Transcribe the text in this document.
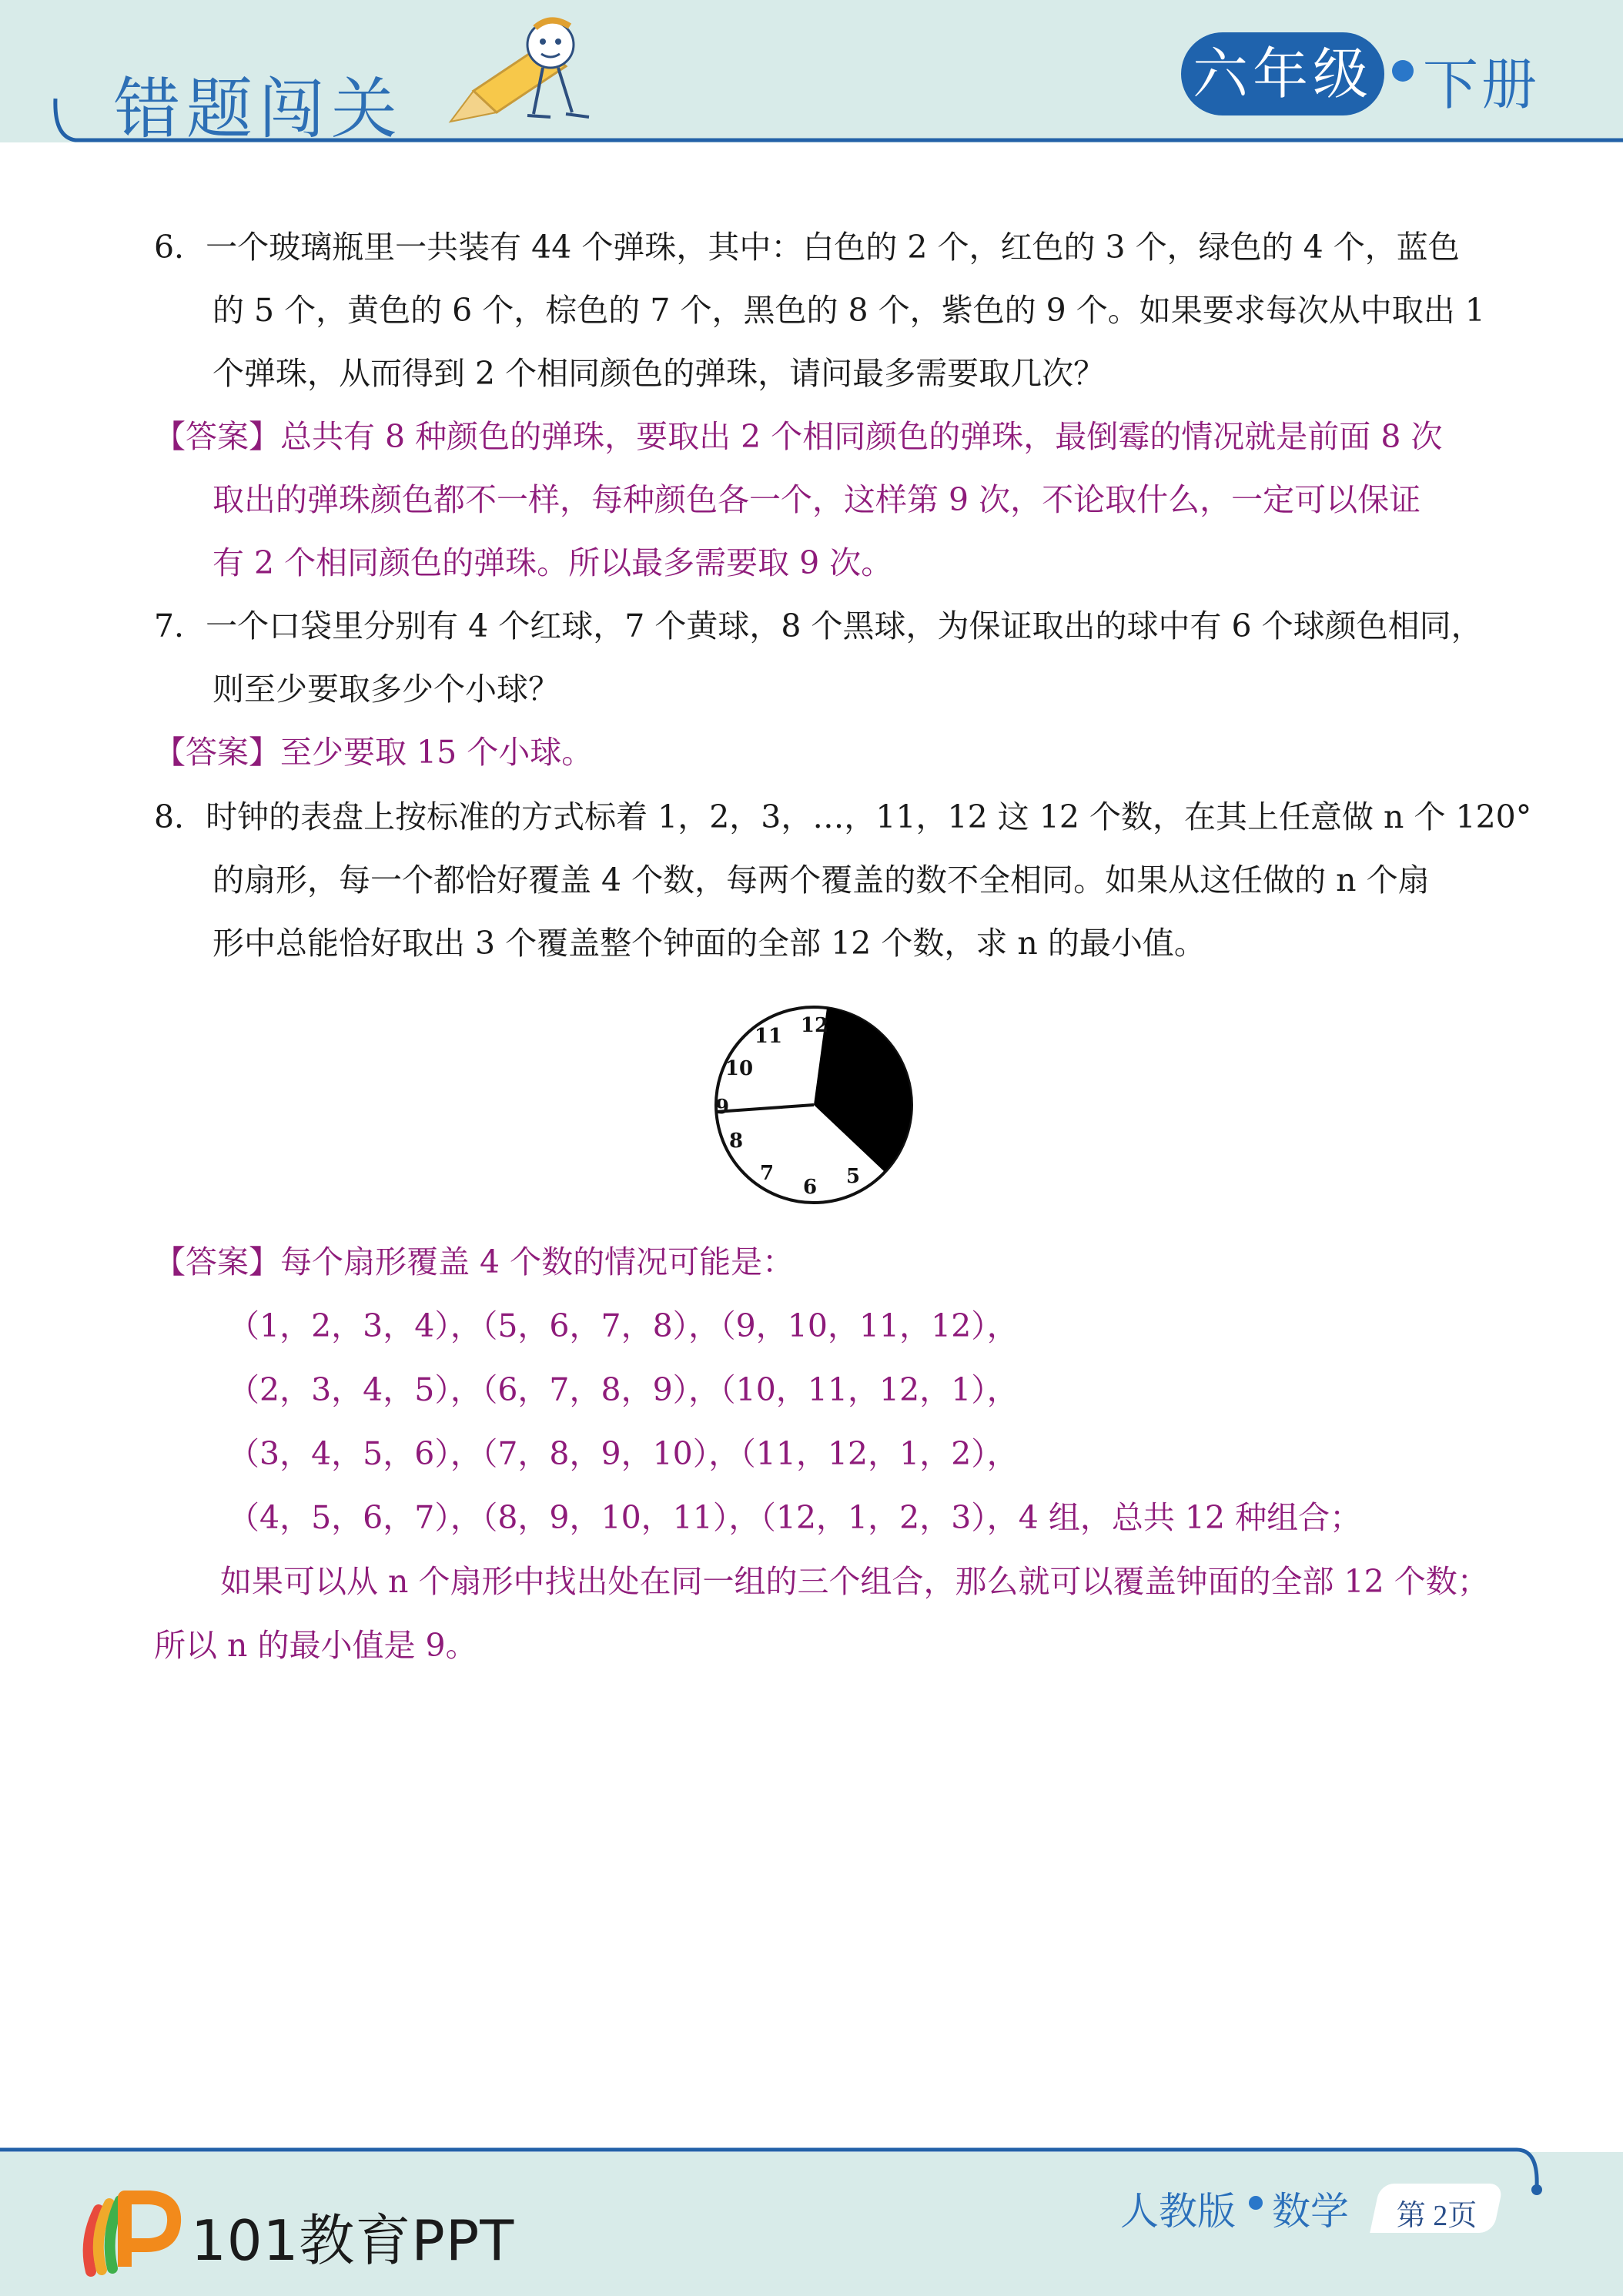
错题闯关	六年级 下册
6．一个玻璃瓶里一共装有 44 个弹珠，其中：白色的 2 个，红色的 3 个，绿色的 4 个，蓝色
的 5 个，黄色的 6 个，棕色的 7 个，黑色的 8 个，紫色的 9 个。如果要求每次从中取出 1
个弹珠，从而得到 2 个相同颜色的弹珠，请问最多需要取几次？
【答案】总共有 8 种颜色的弹珠，要取出 2 个相同颜色的弹珠，最倒霉的情况就是前面 8 次
取出的弹珠颜色都不一样，每种颜色各一个，这样第 9 次，不论取什么，一定可以保证
有 2 个相同颜色的弹珠。所以最多需要取 9 次。
7．一个口袋里分别有 4 个红球，7 个黄球，8 个黑球，为保证取出的球中有 6 个球颜色相同，
则至少要取多少个小球？
【答案】至少要取 15 个小球。
8．时钟的表盘上按标准的方式标着 1，2，3，…，11，12 这 12 个数，在其上任意做 n 个 120°
的扇形，每一个都恰好覆盖 4 个数，每两个覆盖的数不全相同。如果从这任做的 n 个扇
形中总能恰好取出 3 个覆盖整个钟面的全部 12 个数，求 n 的最小值。
12
11
10
9
8
7
6 5
【答案】每个扇形覆盖 4 个数的情况可能是：
（1，2，3，4），（5，6，7，8），（9，10，11，12），
（2，3，4，5），（6，7，8，9），（10，11，12，1），
（3，4，5，6），（7，8，9，10），（11，12，1，2），
（4，5，6，7），（8，9，10，11），（12，1，2，3），4 组，总共 12 种组合；
如果可以从 n 个扇形中找出处在同一组的三个组合，那么就可以覆盖钟面的全部 12 个数；
所以 n 的最小值是 9。
101教育PPT	人教版 数学	第 2页
